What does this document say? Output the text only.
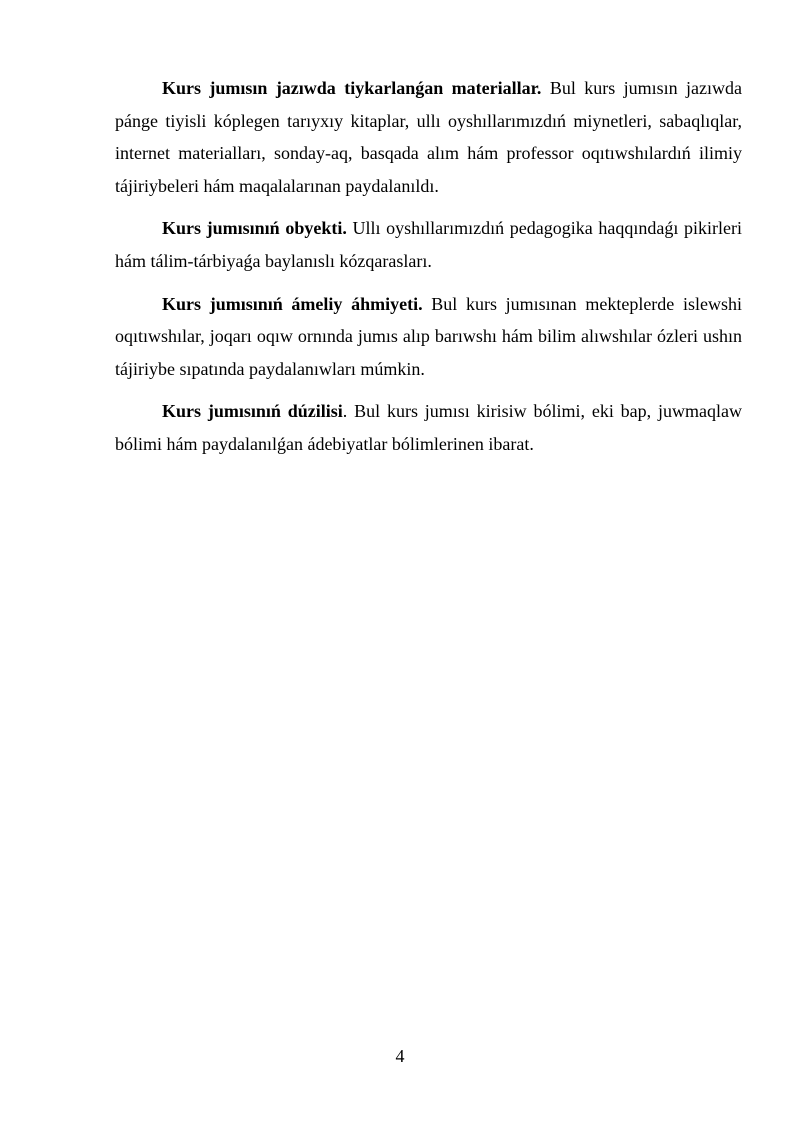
Kurs jumısın jazıwda tiykarlanǵan materiallar. Bul kurs jumısın jazıwda pánge tiyisli kóplegen tarıyxıy kitaplar, ullı oyshıllarımızdıń miynetleri, sabaqlıqlar, internet materialları, sonday-aq, basqada alım hám professor oqıtıwshılardıń ilimiy tájiriybeleri hám maqalalarınan paydalanıldı.

Kurs jumısınıń obyekti. Ullı oyshıllarımızdıń pedagogika haqqındaǵı pikirleri hám tálim-tárbiyaǵa baylanıslı kózqarasları.

Kurs jumısınıń ámeliy áhmiyeti. Bul kurs jumısınan mekteplerde islewshi oqıtıwshılar, joqarı oqıw ornında jumıs alıp barıwshı hám bilim alıwshılar ózleri ushın tájiriybe sıpatında paydalanıwları múmkin.

Kurs jumısınıń dúzilisi. Bul kurs jumısı kirisiw bólimi, eki bap, juwmaqlaw bólimi hám paydalanılǵan ádebiyatlar bólimlerinen ibarat.

4
